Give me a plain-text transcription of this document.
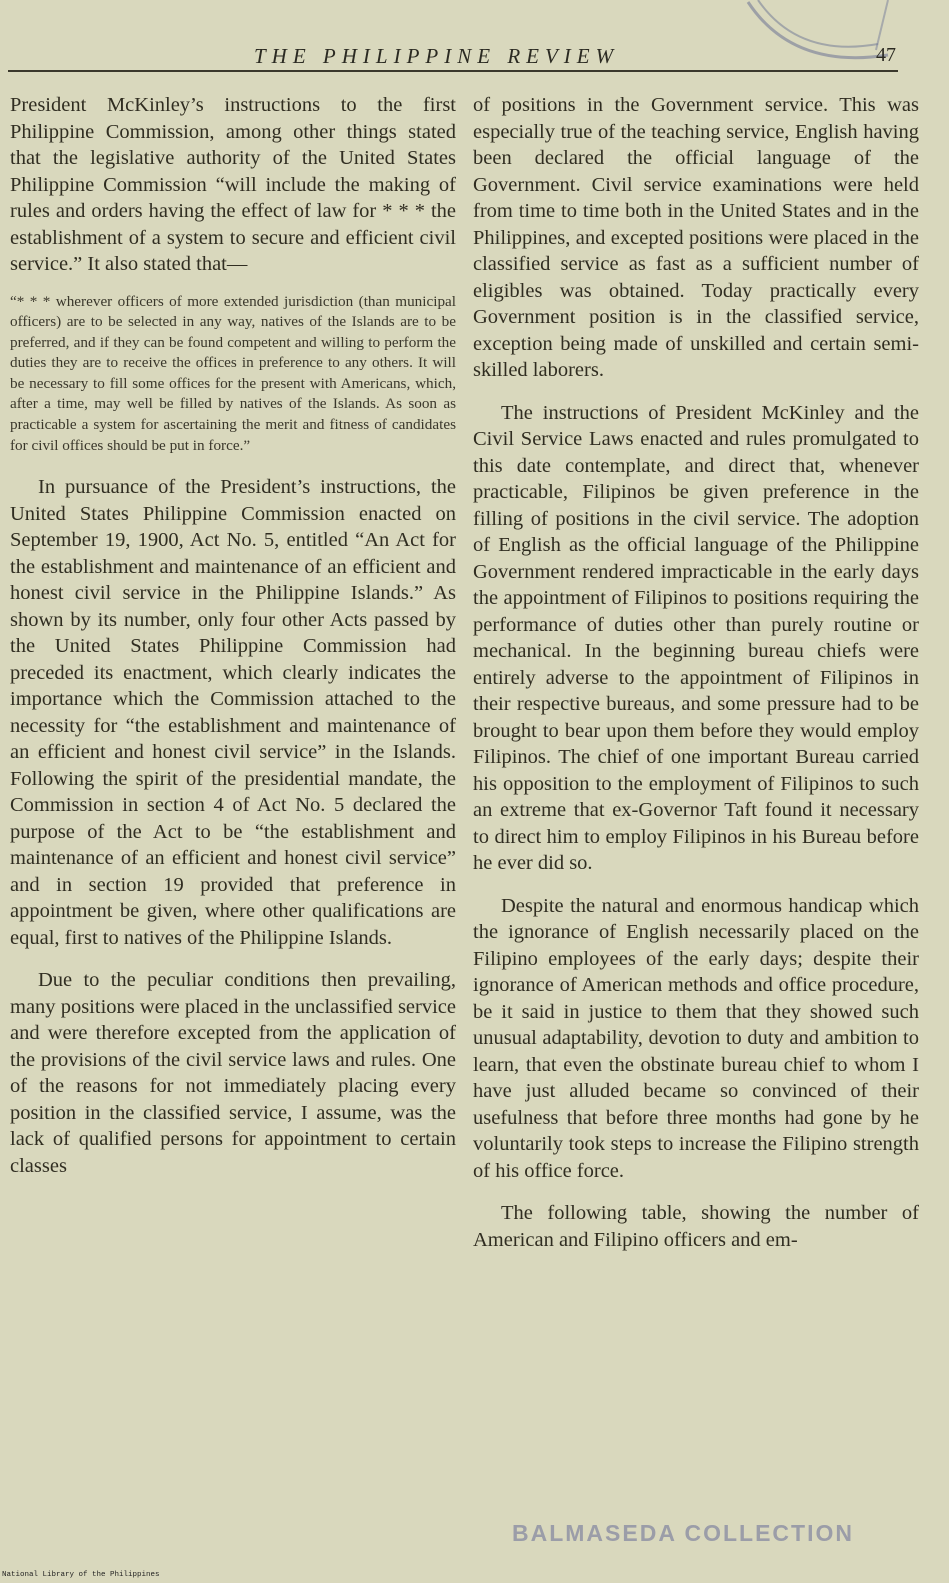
THE PHILIPPINE REVIEW	47

President McKinley’s instructions to the first Philippine Commission, among other things stated that the legislative authority of the United States Philippine Commission “will include the making of rules and orders having the effect of law for * * * the establishment of a system to secure and efficient civil service.” It also stated that—

“* * * wherever officers of more extended jurisdiction (than municipal officers) are to be selected in any way, natives of the Islands are to be preferred, and if they can be found competent and willing to perform the duties they are to receive the offices in preference to any others. It will be necessary to fill some offices for the present with Americans, which, after a time, may well be filled by natives of the Islands. As soon as practicable a system for ascertaining the merit and fitness of candidates for civil offices should be put in force.”

In pursuance of the President’s instructions, the United States Philippine Commission enacted on September 19, 1900, Act No. 5, entitled “An Act for the establishment and maintenance of an efficient and honest civil service in the Philippine Islands.” As shown by its number, only four other Acts passed by the United States Philippine Commission had preceded its enactment, which clearly indicates the importance which the Commission attached to the necessity for “the establishment and maintenance of an efficient and honest civil service” in the Islands. Following the spirit of the presidential mandate, the Commission in section 4 of Act No. 5 declared the purpose of the Act to be “the establishment and maintenance of an efficient and honest civil service” and in section 19 provided that preference in appointment be given, where other qualifications are equal, first to natives of the Philippine Islands.

Due to the peculiar conditions then prevailing, many positions were placed in the unclassified service and were therefore excepted from the application of the provisions of the civil service laws and rules. One of the reasons for not immediately placing every position in the classified service, I assume, was the lack of qualified persons for appointment to certain classes

of positions in the Government service. This was especially true of the teaching service, English having been declared the official language of the Government. Civil service examinations were held from time to time both in the United States and in the Philippines, and excepted positions were placed in the classified service as fast as a sufficient number of eligibles was obtained. Today practically every Government position is in the classified service, exception being made of unskilled and certain semi-skilled laborers.

The instructions of President McKinley and the Civil Service Laws enacted and rules promulgated to this date contemplate, and direct that, whenever practicable, Filipinos be given preference in the filling of positions in the civil service. The adoption of English as the official language of the Philippine Government rendered impracticable in the early days the appointment of Filipinos to positions requiring the performance of duties other than purely routine or mechanical. In the beginning bureau chiefs were entirely adverse to the appointment of Filipinos in their respective bureaus, and some pressure had to be brought to bear upon them before they would employ Filipinos. The chief of one important Bureau carried his opposition to the employment of Filipinos to such an extreme that ex-Governor Taft found it necessary to direct him to employ Filipinos in his Bureau before he ever did so.

Despite the natural and enormous handicap which the ignorance of English necessarily placed on the Filipino employees of the early days; despite their ignorance of American methods and office procedure, be it said in justice to them that they showed such unusual adaptability, devotion to duty and ambition to learn, that even the obstinate bureau chief to whom I have just alluded became so convinced of their usefulness that before three months had gone by he voluntarily took steps to increase the Filipino strength of his office force.

The following table, showing the number of American and Filipino officers and em-

BALMASEDA COLLECTION
National Library of the Philippines
